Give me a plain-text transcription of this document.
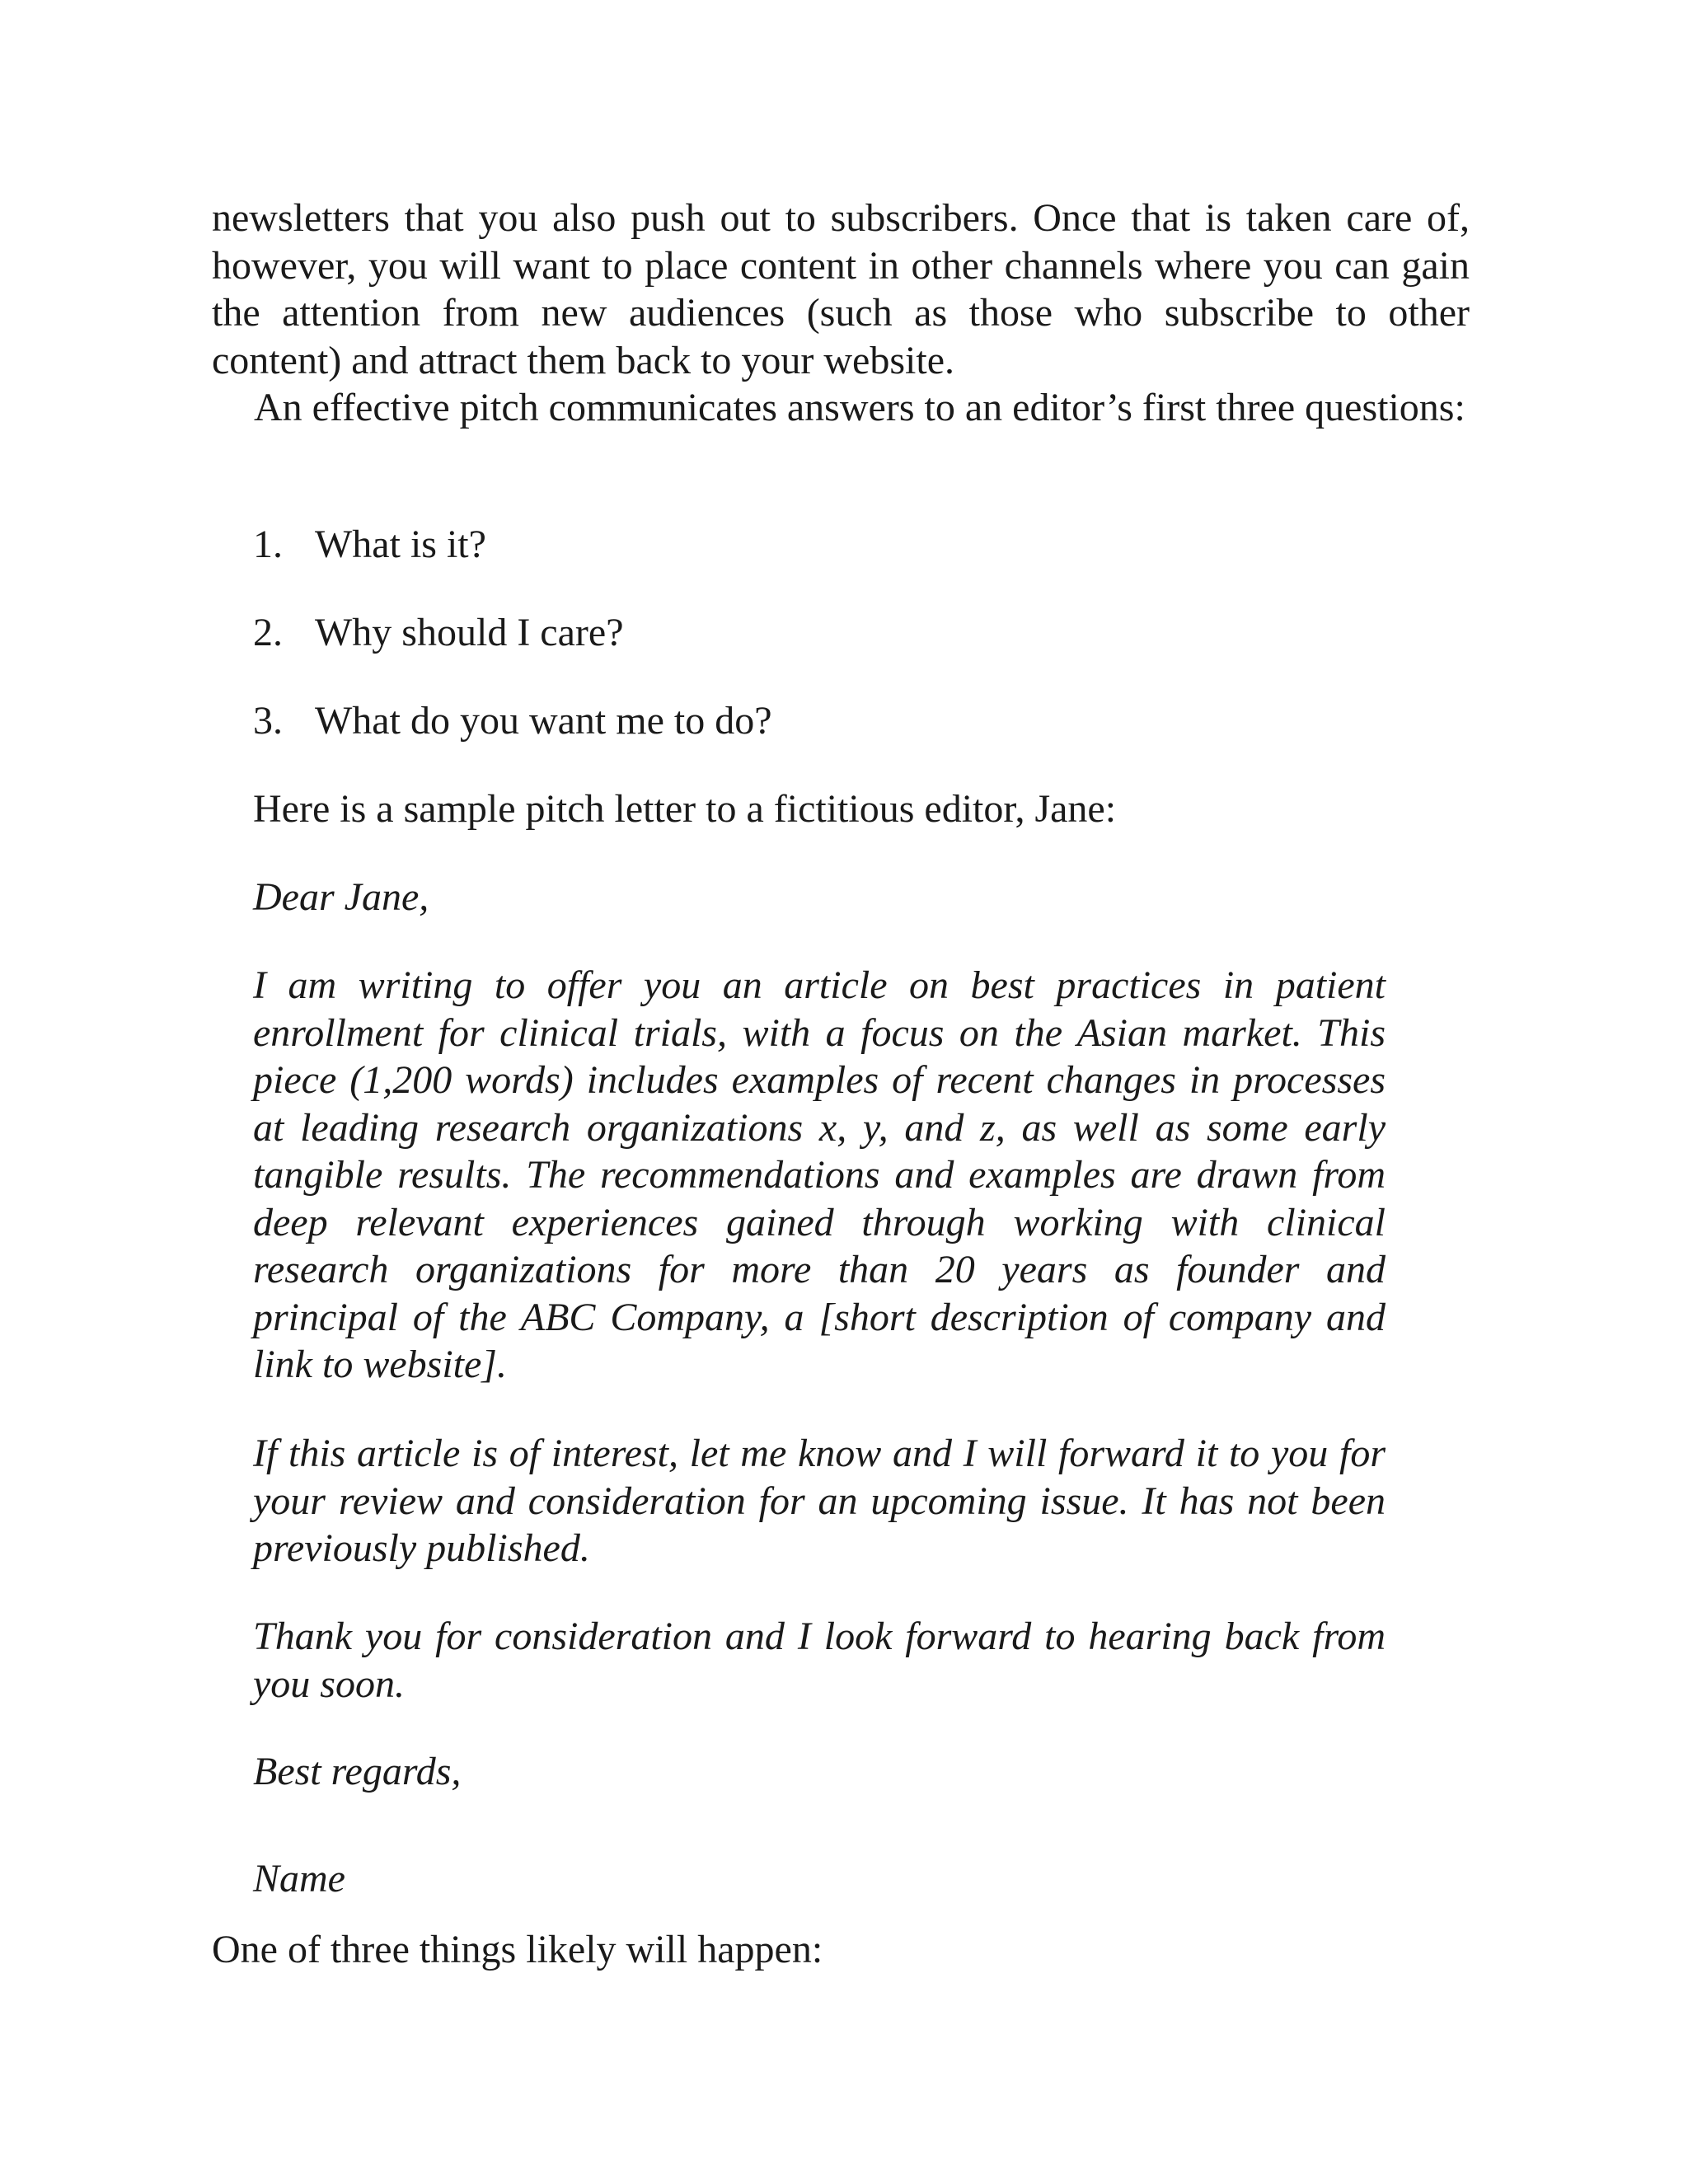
newsletters that you also push out to subscribers. Once that is taken care of, however, you will want to place content in other channels where you can gain the attention from new audiences (such as those who subscribe to other content) and attract them back to your website.

An effective pitch communicates answers to an editor’s first three questions:

1. What is it?
2. Why should I care?
3. What do you want me to do?

Here is a sample pitch letter to a fictitious editor, Jane:

Dear Jane,

I am writing to offer you an article on best practices in patient enrollment for clinical trials, with a focus on the Asian market. This piece (1,200 words) includes examples of recent changes in processes at leading research organizations x, y, and z, as well as some early tangible results. The recommendations and examples are drawn from deep relevant experiences gained through working with clinical research organizations for more than 20 years as founder and principal of the ABC Company, a [short description of company and link to website].

If this article is of interest, let me know and I will forward it to you for your review and consideration for an upcoming issue. It has not been previously published.

Thank you for consideration and I look forward to hearing back from you soon.

Best regards,

Name

One of three things likely will happen:
